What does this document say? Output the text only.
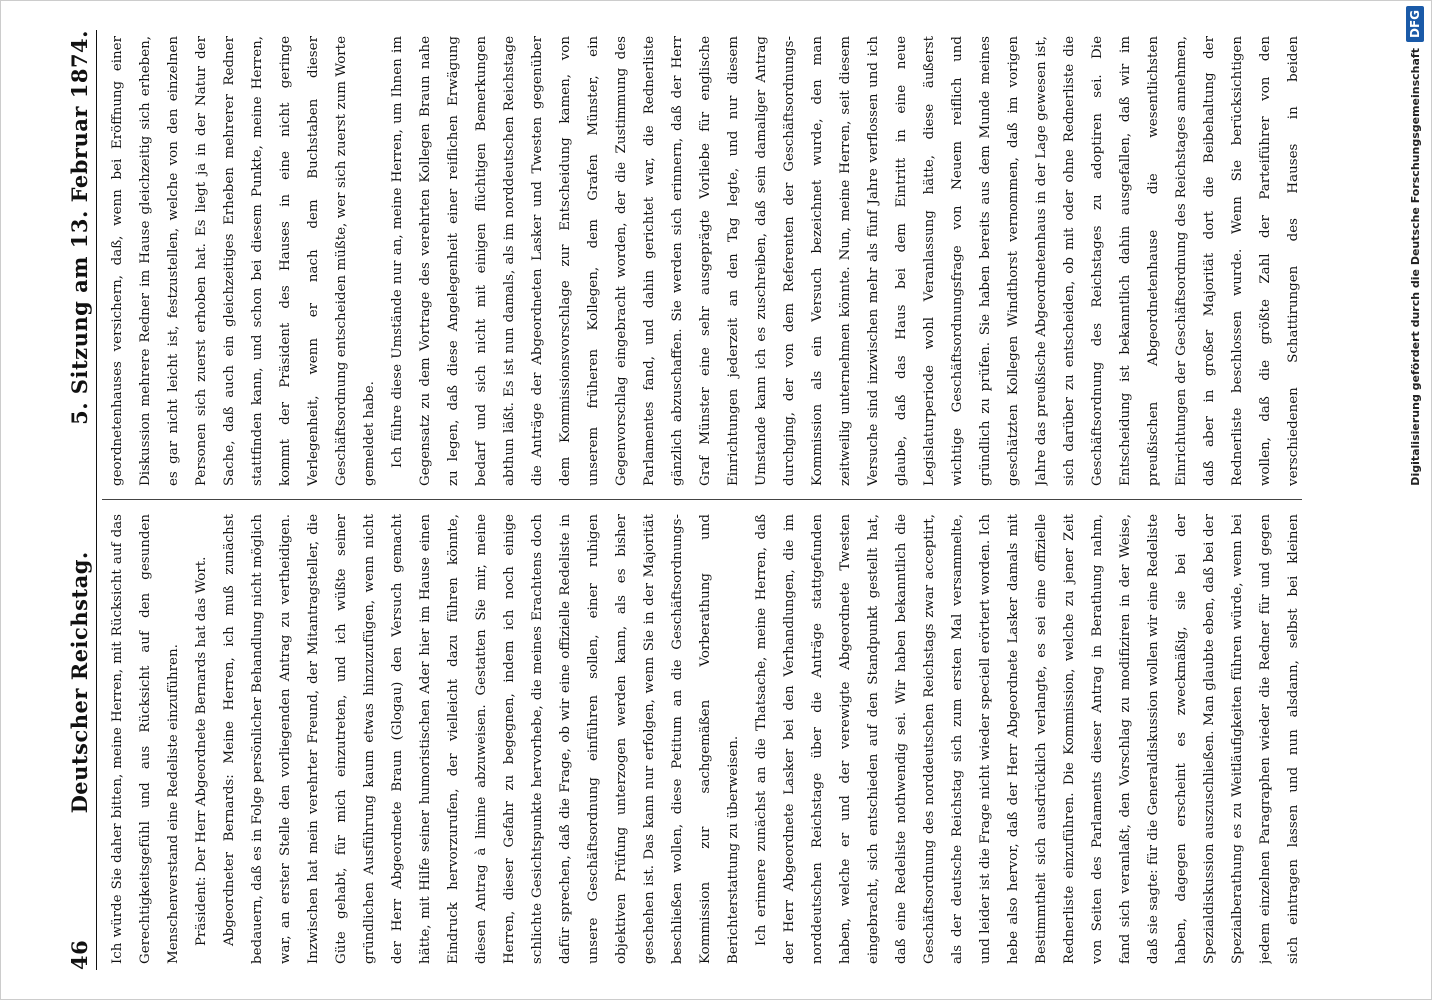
46
Deutscher Reichstag.
5. Sitzung am 13. Februar 1874.

Ich würde Sie daher bitten, meine Herren, mit Rücksicht auf das Gerechtigkeitsgefühl und aus Rücksicht auf den gesunden Menschenverstand eine Redeliste einzuführen. Präsident: Der Herr Abgeordnete Bernards hat das Wort. Abgeordneter Bernards: Meine Herren, ich muß zunächst bedauern, daß es in Folge persönlicher Behandlung nicht möglich war, an erster Stelle den vorliegenden Antrag zu vertheidigen. Inzwischen hat mein verehrter Freund, der Mitantragsteller, die Güte gehabt, für mich einzutreten, und ich wüßte seiner gründlichen Ausführung kaum etwas hinzuzufügen, wenn nicht der Herr Abgeordnete Braun (Glogau) den Versuch gemacht hätte, mit Hilfe seiner humoristischen Ader hier im Hause einen Eindruck hervorzurufen, der vielleicht dazu führen könnte, diesen Antrag à limine abzuweisen. Gestatten Sie mir, meine Herren, dieser Gefahr zu begegnen, indem ich noch einige schlichte Gesichtspunkte hervorhebe, die meines Erachtens doch dafür sprechen, daß die Frage, ob wir eine offizielle Redeliste in unsere Geschäftsordnung einführen sollen, einer ruhigen objektiven Prüfung unterzogen werden kann, als es bisher geschehen ist. Das kann nur erfolgen, wenn Sie in der Majorität beschließen wollen, diese Petitum an die Geschäftsordnungs-Kommission zur sachgemäßen Vorberathung und Berichterstattung zu überweisen. Ich erinnere zunächst an die Thatsache, meine Herren, daß der Herr Abgeordnete Lasker bei den Verhandlungen, die im norddeutschen Reichstage über die Anträge stattgefunden haben, welche er und der verewigte Abgeordnete Twesten eingebracht, sich entschieden auf den Standpunkt gestellt hat, daß eine Redeliste nothwendig sei. Wir haben bekanntlich die Geschäftsordnung des norddeutschen Reichstags zwar acceptirt, als der deutsche Reichstag sich zum ersten Mal versammelte, und leider ist die Frage nicht wieder speciell erörtert worden. Ich hebe also hervor, daß der Herr Abgeordnete Lasker damals mit Bestimmtheit sich ausdrücklich verlangte, es sei eine offizielle Rednerliste einzuführen. Die Kommission, welche zu jener Zeit von Seiten des Parlaments dieser Antrag in Berathung nahm, fand sich veranlaßt, den Vorschlag zu modifiziren in der Weise, daß sie sagte: für die Generaldiskussion wollen wir eine Redeliste haben, dagegen erscheint es zweckmäßig, sie bei der Spezialdiskussion auszuschließen. Man glaubte eben, daß bei der Spezialberathung es zu Weitläufigkeiten führen würde, wenn bei jedem einzelnen Paragraphen wieder die Redner für und gegen sich eintragen lassen und nun alsdann, selbst bei kleinen

geordnetenhauses versichern, daß, wenn bei Eröffnung einer Diskussion mehrere Redner im Hause gleichzeitig sich erheben, es gar nicht leicht ist, festzustellen, welche von den einzelnen Personen sich zuerst erhoben hat. Es liegt ja in der Natur der Sache, daß auch ein gleichzeitiges Erheben mehrerer Redner stattfinden kann, und schon bei diesem Punkte, meine Herren, kommt der Präsident des Hauses in eine nicht geringe Verlegenheit, wenn er nach dem Buchstaben dieser Geschäftsordnung entscheiden müßte, wer sich zuerst zum Worte gemeldet habe. Ich führe diese Umstände nur an, meine Herren, um Ihnen im Gegensatz zu dem Vortrage des verehrten Kollegen Braun nahe zu legen, daß diese Angelegenheit einer reiflichen Erwägung bedarf und sich nicht mit einigen flüchtigen Bemerkungen abthun läßt. Es ist nun damals, als im norddeutschen Reichstage die Anträge der Abgeordneten Lasker und Twesten gegenüber dem Kommissionsvorschlage zur Entscheidung kamen, von unserem früheren Kollegen, dem Grafen Münster, ein Gegenvorschlag eingebracht worden, der die Zustimmung des Parlamentes fand, und dahin gerichtet war, die Rednerliste gänzlich abzuschaffen. Sie werden sich erinnern, daß der Herr Graf Münster eine sehr ausgeprägte Vorliebe für englische Einrichtungen jederzeit an den Tag legte, und nur diesem Umstande kann ich es zuschreiben, daß sein damaliger Antrag durchging, der von dem Referenten der Geschäftsordnungs-Kommission als ein Versuch bezeichnet wurde, den man zeitweilig unternehmen könnte. Nun, meine Herren, seit diesem Versuche sind inzwischen mehr als fünf Jahre verflossen und ich glaube, daß das Haus bei dem Eintritt in eine neue Legislaturperiode wohl Veranlassung hätte, diese äußerst wichtige Geschäftsordnungsfrage von Neuem reiflich und gründlich zu prüfen. Sie haben bereits aus dem Munde meines geschätzten Kollegen Windthorst vernommen, daß im vorigen Jahre das preußische Abgeordnetenhaus in der Lage gewesen ist, sich darüber zu entscheiden, ob mit oder ohne Rednerliste die Geschäftsordnung des Reichstages zu adoptiren sei. Die Entscheidung ist bekanntlich dahin ausgefallen, daß wir im preußischen Abgeordnetenhause die wesentlichsten Einrichtungen der Geschäftsordnung des Reichstages annehmen, daß aber in großer Majorität dort die Beibehaltung der Rednerliste beschlossen wurde. Wenn Sie berücksichtigen wollen, daß die größte Zahl der Parteiführer von den verschiedenen Schattirungen des Hauses in beiden	Digitalisierung gefördert durch die Deutsche Forschungsgemeinschaft
DFG
